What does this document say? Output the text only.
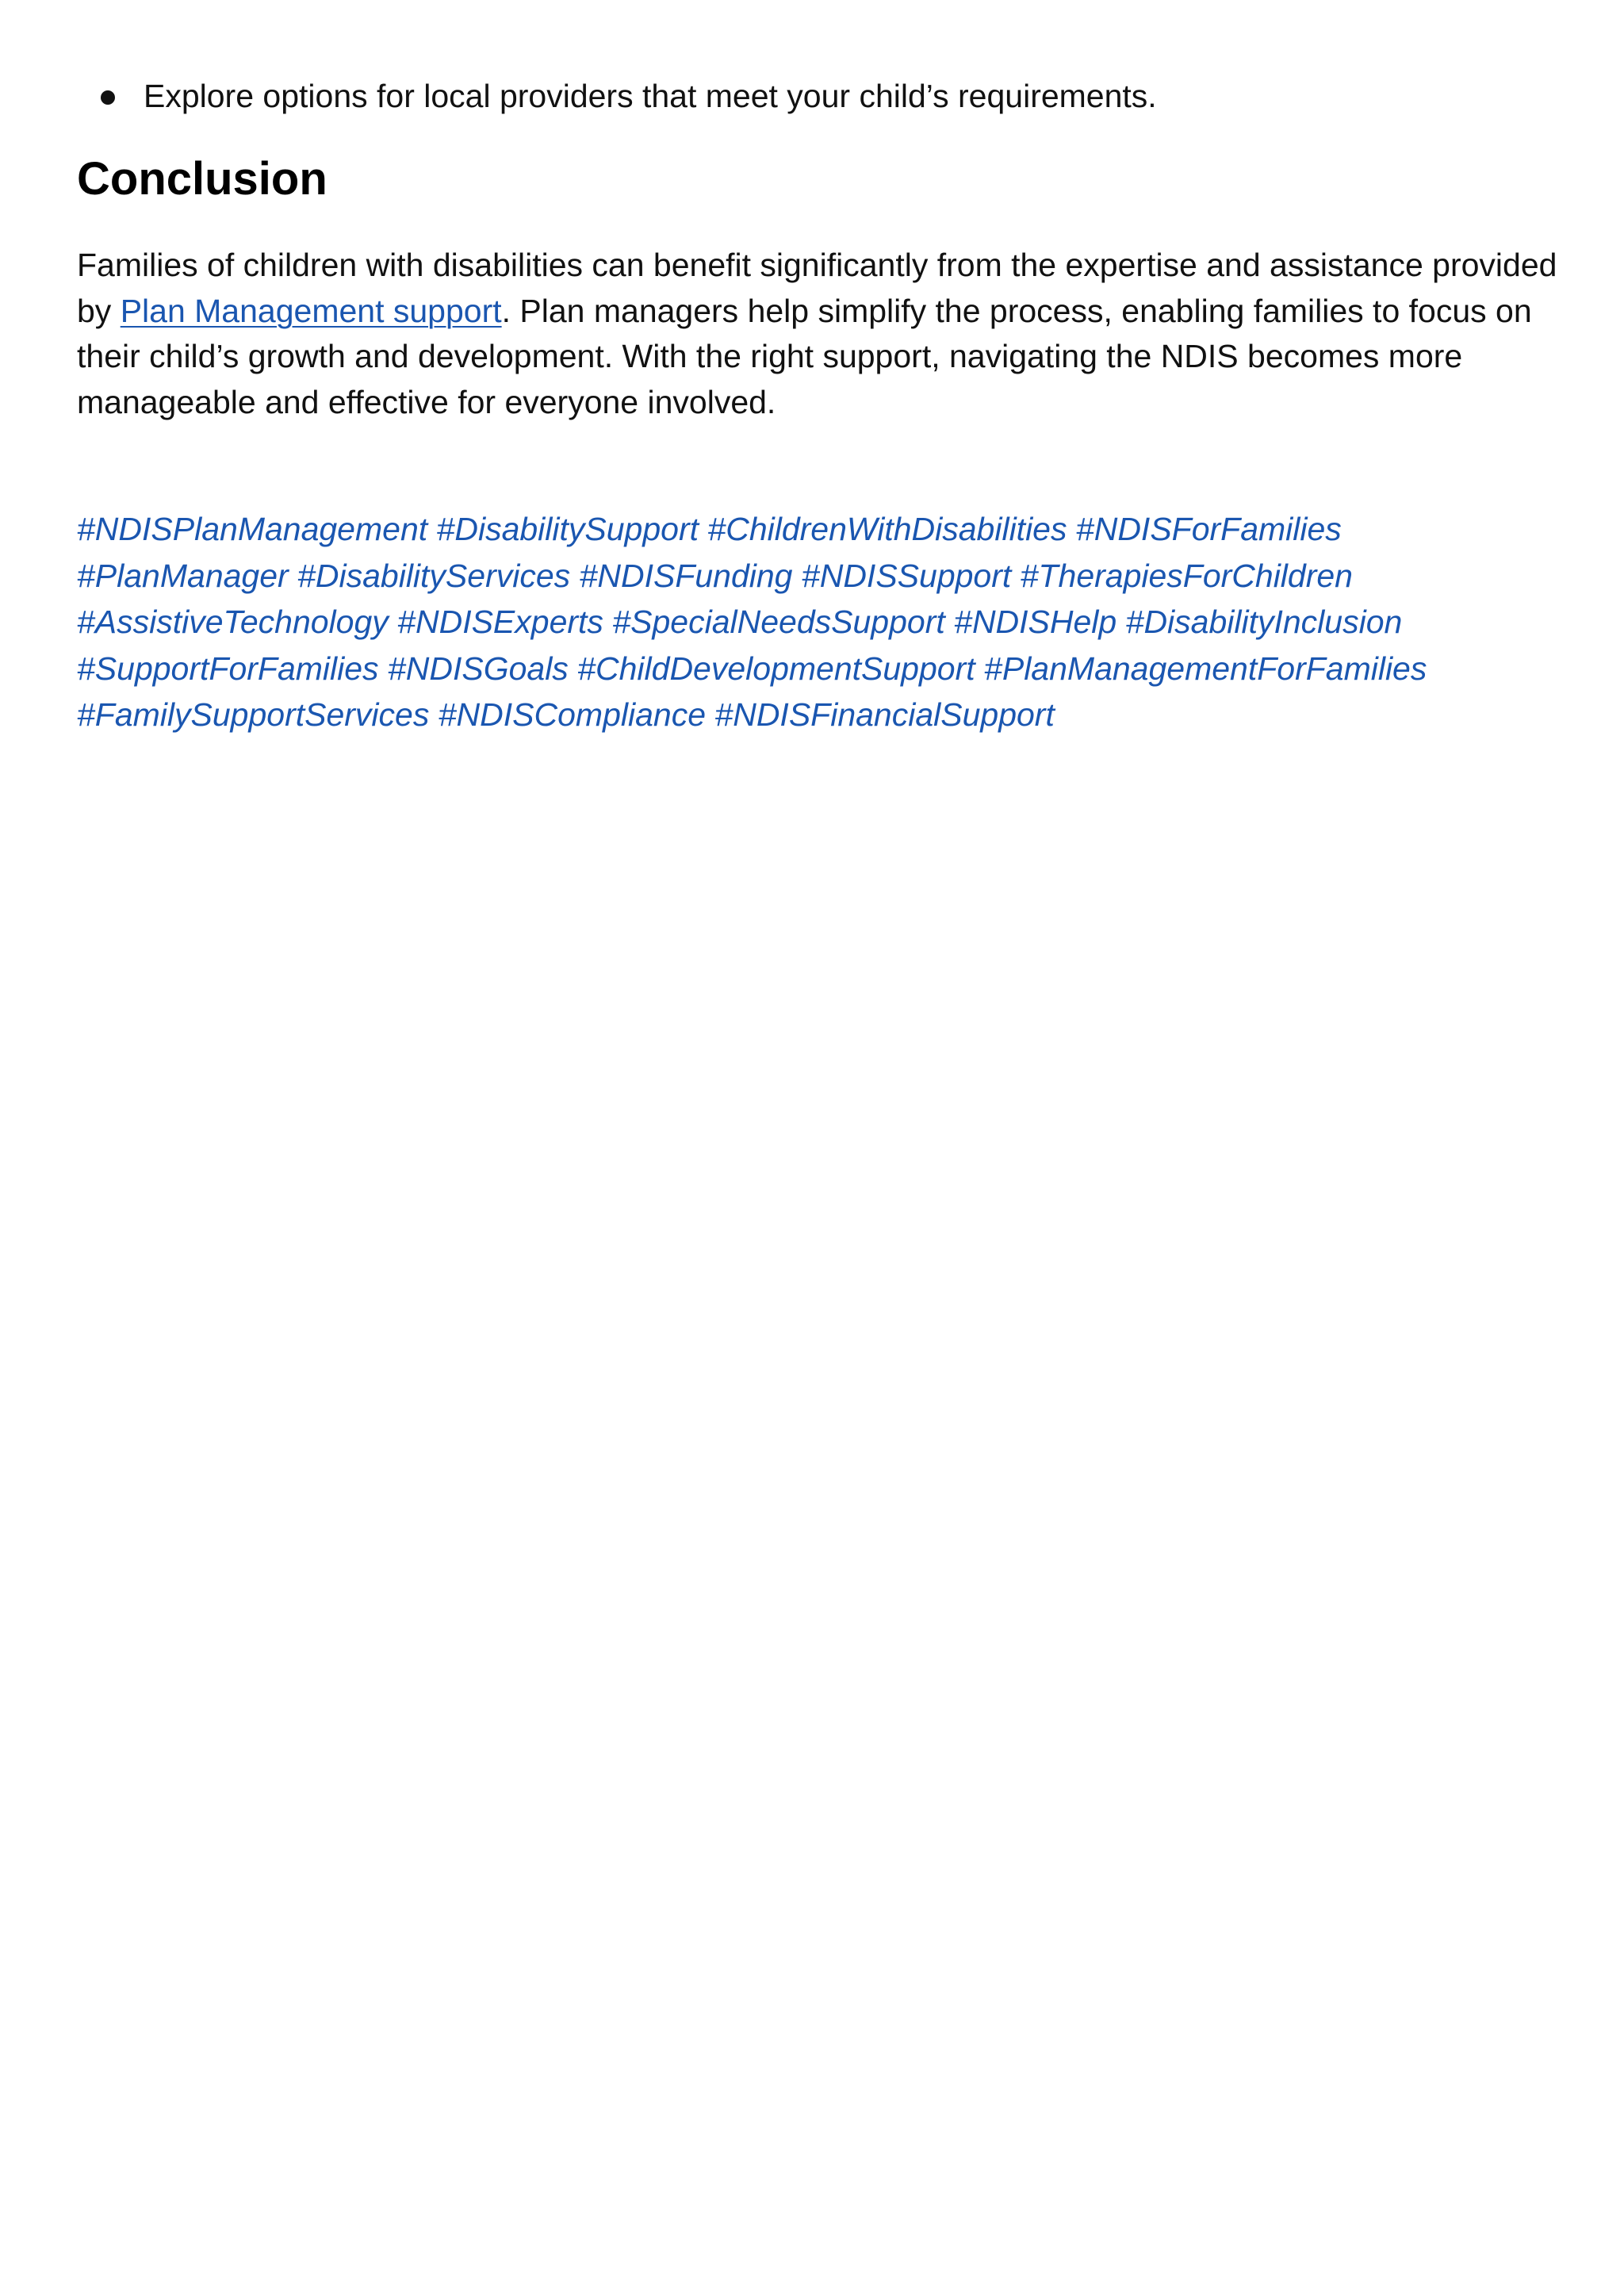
Explore options for local providers that meet your child’s requirements.
Conclusion

Families of children with disabilities can benefit significantly from the expertise and assistance provided by Plan Management support. Plan managers help simplify the process, enabling families to focus on their child’s growth and development. With the right support, navigating the NDIS becomes more manageable and effective for everyone involved.

#NDISPlanManagement #DisabilitySupport #ChildrenWithDisabilities #NDISForFamilies
#PlanManager #DisabilityServices #NDISFunding #NDISSupport #TherapiesForChildren
#AssistiveTechnology #NDISExperts #SpecialNeedsSupport #NDISHelp #DisabilityInclusion
#SupportForFamilies #NDISGoals #ChildDevelopmentSupport #PlanManagementForFamilies
#FamilySupportServices #NDISCompliance #NDISFinancialSupport
